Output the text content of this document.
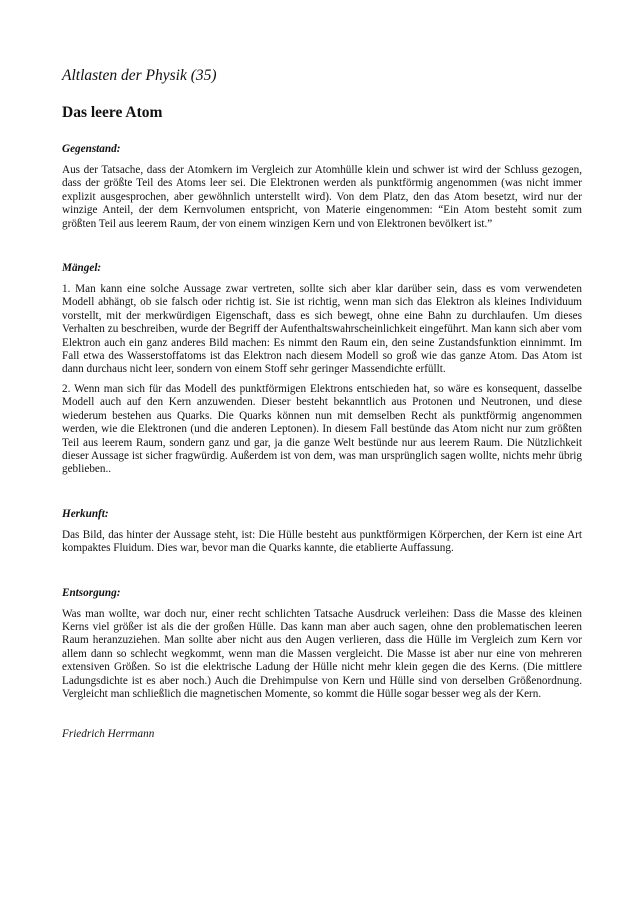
Altlasten der Physik (35)

Das leere Atom
Gegenstand:

Aus der Tatsache, dass der Atomkern im Vergleich zur Atomhülle klein und schwer ist wird der Schluss gezogen, dass der größte Teil des Atoms leer sei. Die Elektronen werden als punktförmig angenommen (was nicht immer explizit ausgesprochen, aber gewöhnlich unterstellt wird). Von dem Platz, den das Atom besetzt, wird nur der winzige Anteil, der dem Kernvolumen entspricht, von Materie eingenommen: “Ein Atom besteht somit zum größten Teil aus leerem Raum, der von einem winzigen Kern und von Elektronen bevölkert ist.”

Mängel:

1. Man kann eine solche Aussage zwar vertreten, sollte sich aber klar darüber sein, dass es vom verwendeten Modell abhängt, ob sie falsch oder richtig ist. Sie ist richtig, wenn man sich das Elektron als kleines Individuum vorstellt, mit der merkwürdigen Eigenschaft, dass es sich bewegt, ohne eine Bahn zu durchlaufen. Um dieses Verhalten zu beschreiben, wurde der Begriff der Aufenthaltswahrscheinlichkeit eingeführt. Man kann sich aber vom Elektron auch ein ganz anderes Bild machen: Es nimmt den Raum ein, den seine Zustandsfunktion einnimmt. Im Fall etwa des Wasserstoffatoms ist das Elektron nach diesem Modell so groß wie das ganze Atom. Das Atom ist dann durchaus nicht leer, sondern von einem Stoff sehr geringer Massendichte erfüllt.

2. Wenn man sich für das Modell des punktförmigen Elektrons entschieden hat, so wäre es konsequent, dasselbe Modell auch auf den Kern anzuwenden. Dieser besteht bekanntlich aus Protonen und Neutronen, und diese wiederum bestehen aus Quarks. Die Quarks können nun mit demselben Recht als punktförmig angenommen werden, wie die Elektronen (und die anderen Leptonen). In diesem Fall bestünde das Atom nicht nur zum größten Teil aus leerem Raum, sondern ganz und gar, ja die ganze Welt bestünde nur aus leerem Raum. Die Nützlichkeit dieser Aussage ist sicher fragwürdig. Außerdem ist von dem, was man ursprünglich sagen wollte, nichts mehr übrig geblieben..

Herkunft:

Das Bild, das hinter der Aussage steht, ist: Die Hülle besteht aus punktförmigen Körperchen, der Kern ist eine Art kompaktes Fluidum. Dies war, bevor man die Quarks kannte, die etablierte Auffassung.

Entsorgung:

Was man wollte, war doch nur, einer recht schlichten Tatsache Ausdruck verleihen: Dass die Masse des kleinen Kerns viel größer ist als die der großen Hülle. Das kann man aber auch sagen, ohne den problematischen leeren Raum heranzuziehen. Man sollte aber nicht aus den Augen verlieren, dass die Hülle im Vergleich zum Kern vor allem dann so schlecht wegkommt, wenn man die Massen vergleicht. Die Masse ist aber nur eine von mehreren extensiven Größen. So ist die elektrische Ladung der Hülle nicht mehr klein gegen die des Kerns. (Die mittlere Ladungsdichte ist es aber noch.) Auch die Drehimpulse von Kern und Hülle sind von derselben Größenordnung. Vergleicht man schließlich die magnetischen Momente, so kommt die Hülle sogar besser weg als der Kern.

Friedrich Herrmann
